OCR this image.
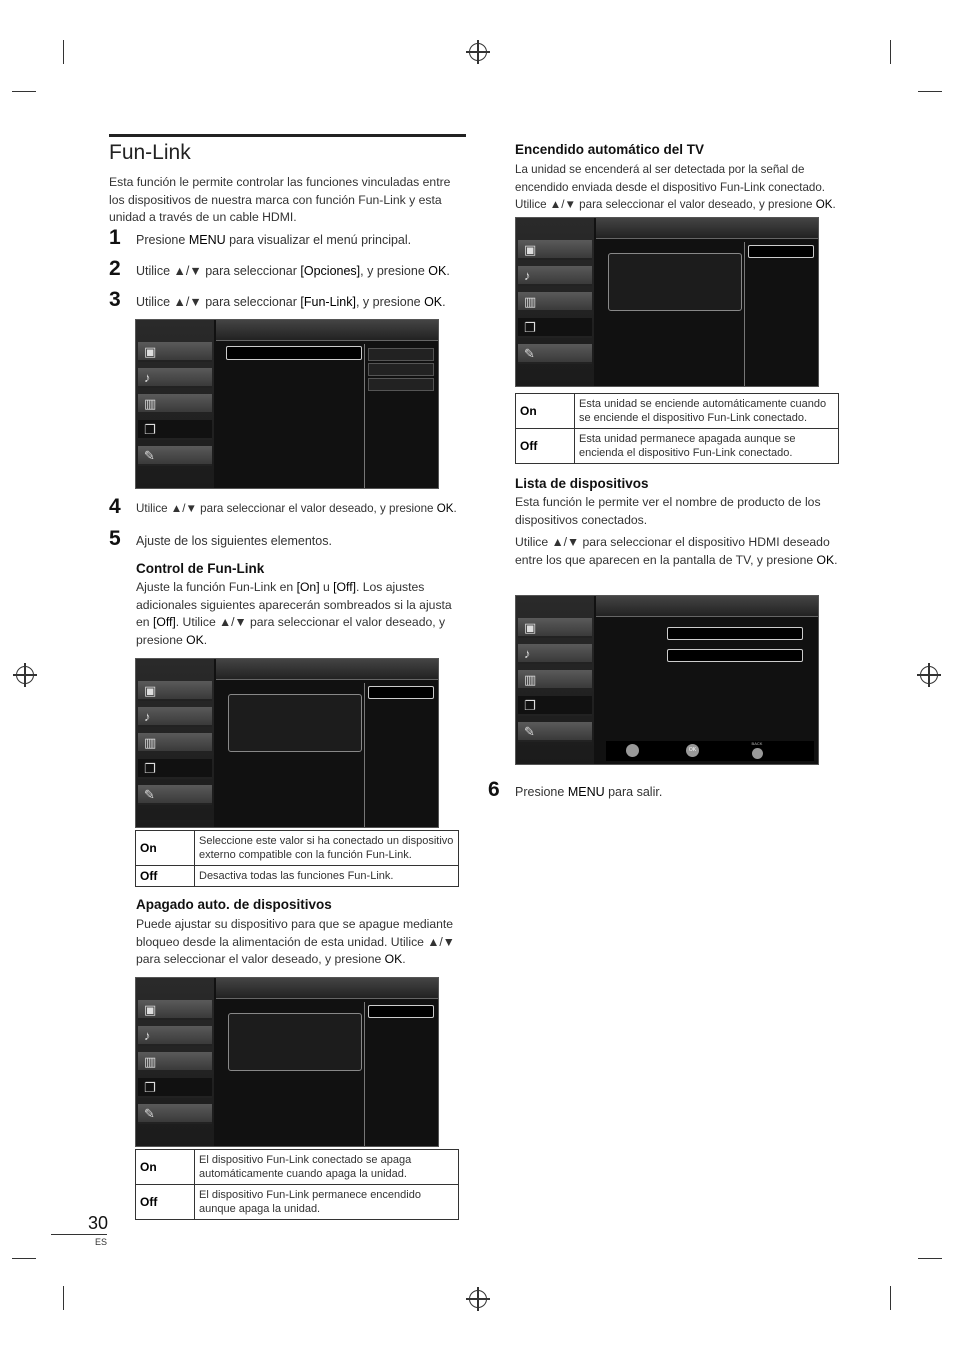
Fun-Link
Esta función le permite controlar las funciones vinculadas entre los dispositivos de nuestra marca con función Fun-Link y esta unidad a través de un cable HDMI.
1 Presione MENU para visualizar el menú principal.
2 Utilice ▲/▼ para seleccionar [Opciones], y presione OK.
3 Utilice ▲/▼ para seleccionar [Fun-Link], y presione OK.
▣
♪
▥
❐
✎
4 Utilice ▲/▼ para seleccionar el valor deseado, y presione OK.
5 Ajuste de los siguientes elementos.
Control de Fun-Link
Ajuste la función Fun-Link en [On] u [Off]. Los ajustes adicionales siguientes aparecerán sombreados si la ajusta en [Off]. Utilice ▲/▼ para seleccionar el valor deseado, y presione OK.
▣
♪
▥
❐
✎
On	Seleccione este valor si ha conectado un dispositivo externo compatible con la función Fun-Link.
Off	Desactiva todas las funciones Fun-Link.
Apagado auto. de dispositivos
Puede ajustar su dispositivo para que se apague mediante bloqueo desde la alimentación de esta unidad. Utilice ▲/▼ para seleccionar el valor deseado, y presione OK.
▣
♪
▥
❐
✎
On	El dispositivo Fun-Link conectado se apaga automáticamente cuando apaga la unidad.
Off	El dispositivo Fun-Link permanece encendido aunque apaga la unidad.
Encendido automático del TV
La unidad se encenderá al ser detectada por la señal de encendido enviada desde el dispositivo Fun-Link conectado. Utilice ▲/▼ para seleccionar el valor deseado, y presione OK.
▣
♪
▥
❐
✎
On	Esta unidad se enciende automáticamente cuando se enciende el dispositivo Fun-Link conectado.
Off	Esta unidad permanece apagada aunque se encienda el dispositivo Fun-Link conectado.
Lista de dispositivos
Esta función le permite ver el nombre de producto de los dispositivos conectados.
Utilice ▲/▼ para seleccionar el dispositivo HDMI deseado entre los que aparecen en la pantalla de TV, y presione OK.
▣
♪
▥
❐
✎
OK
BACK
6 Presione MENU para salir.
30
ES
